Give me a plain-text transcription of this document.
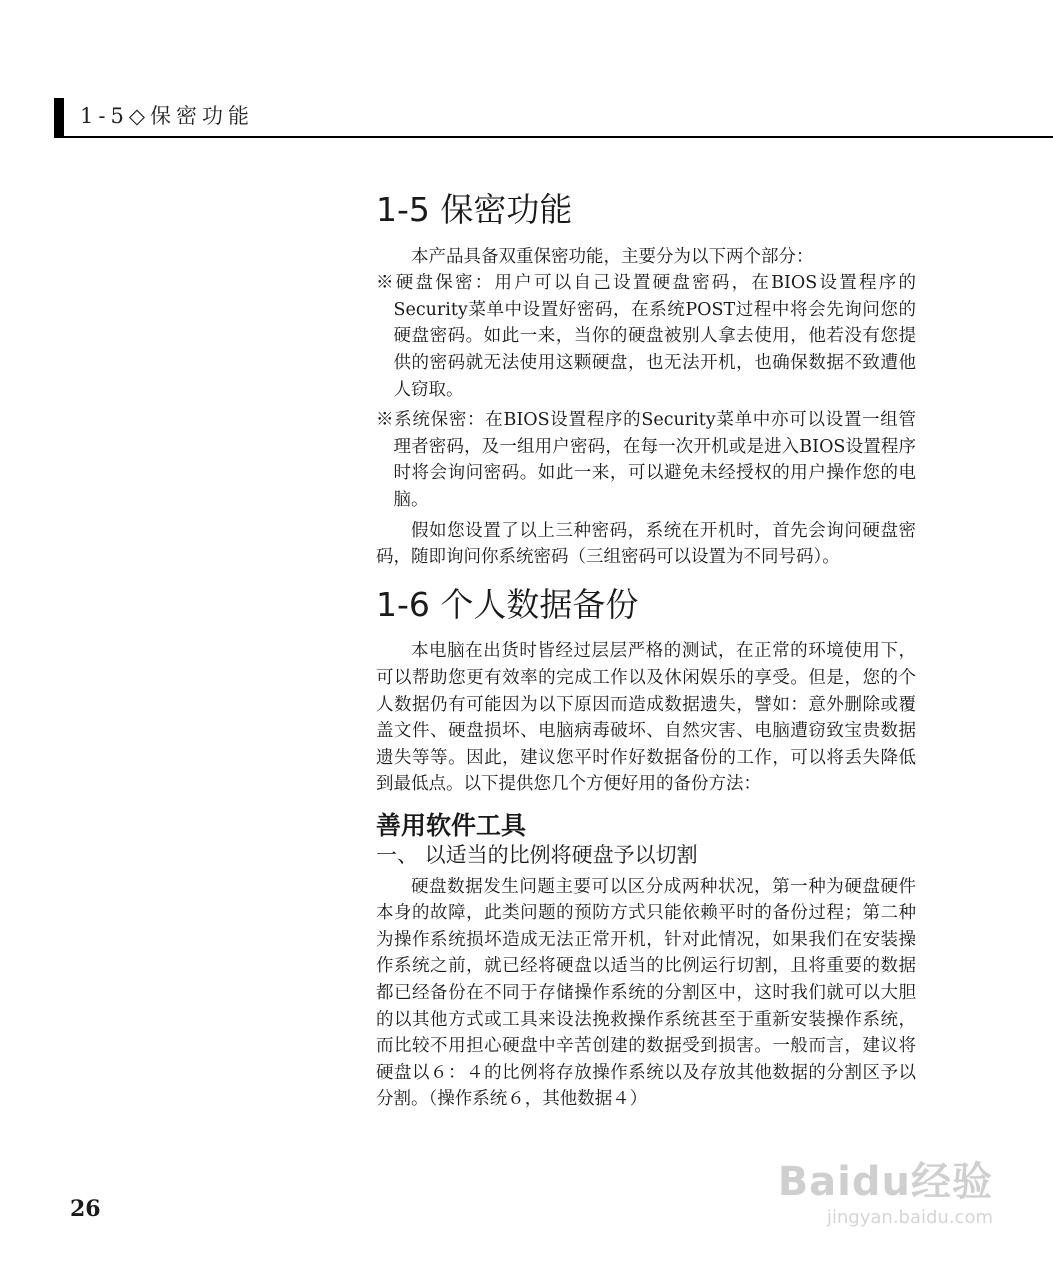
1-5◇保密功能
1-5 保密功能

本产品具备双重保密功能，主要分为以下两个部分：

※硬盘保密：用户可以自己设置硬盘密码，在BIOS设置程序的Security菜单中设置好密码，在系统POST过程中将会先询问您的硬盘密码。如此一来，当你的硬盘被别人拿去使用，他若没有您提供的密码就无法使用这颗硬盘，也无法开机，也确保数据不致遭他人窃取。

※系统保密：在BIOS设置程序的Security菜单中亦可以设置一组管理者密码，及一组用户密码，在每一次开机或是进入BIOS设置程序时将会询问密码。如此一来，可以避免未经授权的用户操作您的电脑。

假如您设置了以上三种密码，系统在开机时，首先会询问硬盘密码，随即询问你系统密码（三组密码可以设置为不同号码）。

1-6 个人数据备份

本电脑在出货时皆经过层层严格的测试，在正常的环境使用下，可以帮助您更有效率的完成工作以及休闲娱乐的享受。但是，您的个人数据仍有可能因为以下原因而造成数据遗失，譬如：意外删除或覆盖文件、硬盘损坏、电脑病毒破坏、自然灾害、电脑遭窃致宝贵数据遗失等等。因此，建议您平时作好数据备份的工作，可以将丢失降低到最低点。以下提供您几个方便好用的备份方法：

善用软件工具
一、 以适当的比例将硬盘予以切割

硬盘数据发生问题主要可以区分成两种状况，第一种为硬盘硬件本身的故障，此类问题的预防方式只能依赖平时的备份过程；第二种为操作系统损坏造成无法正常开机，针对此情况，如果我们在安装操作系统之前，就已经将硬盘以适当的比例运行切割，且将重要的数据都已经备份在不同于存储操作系统的分割区中，这时我们就可以大胆的以其他方式或工具来设法挽救操作系统甚至于重新安装操作系统，而比较不用担心硬盘中辛苦创建的数据受到损害。一般而言，建议将硬盘以６：４的比例将存放操作系统以及存放其他数据的分割区予以分割。（操作系统６，其他数据４）

26
Baidu经验
jingyan.baidu.com
